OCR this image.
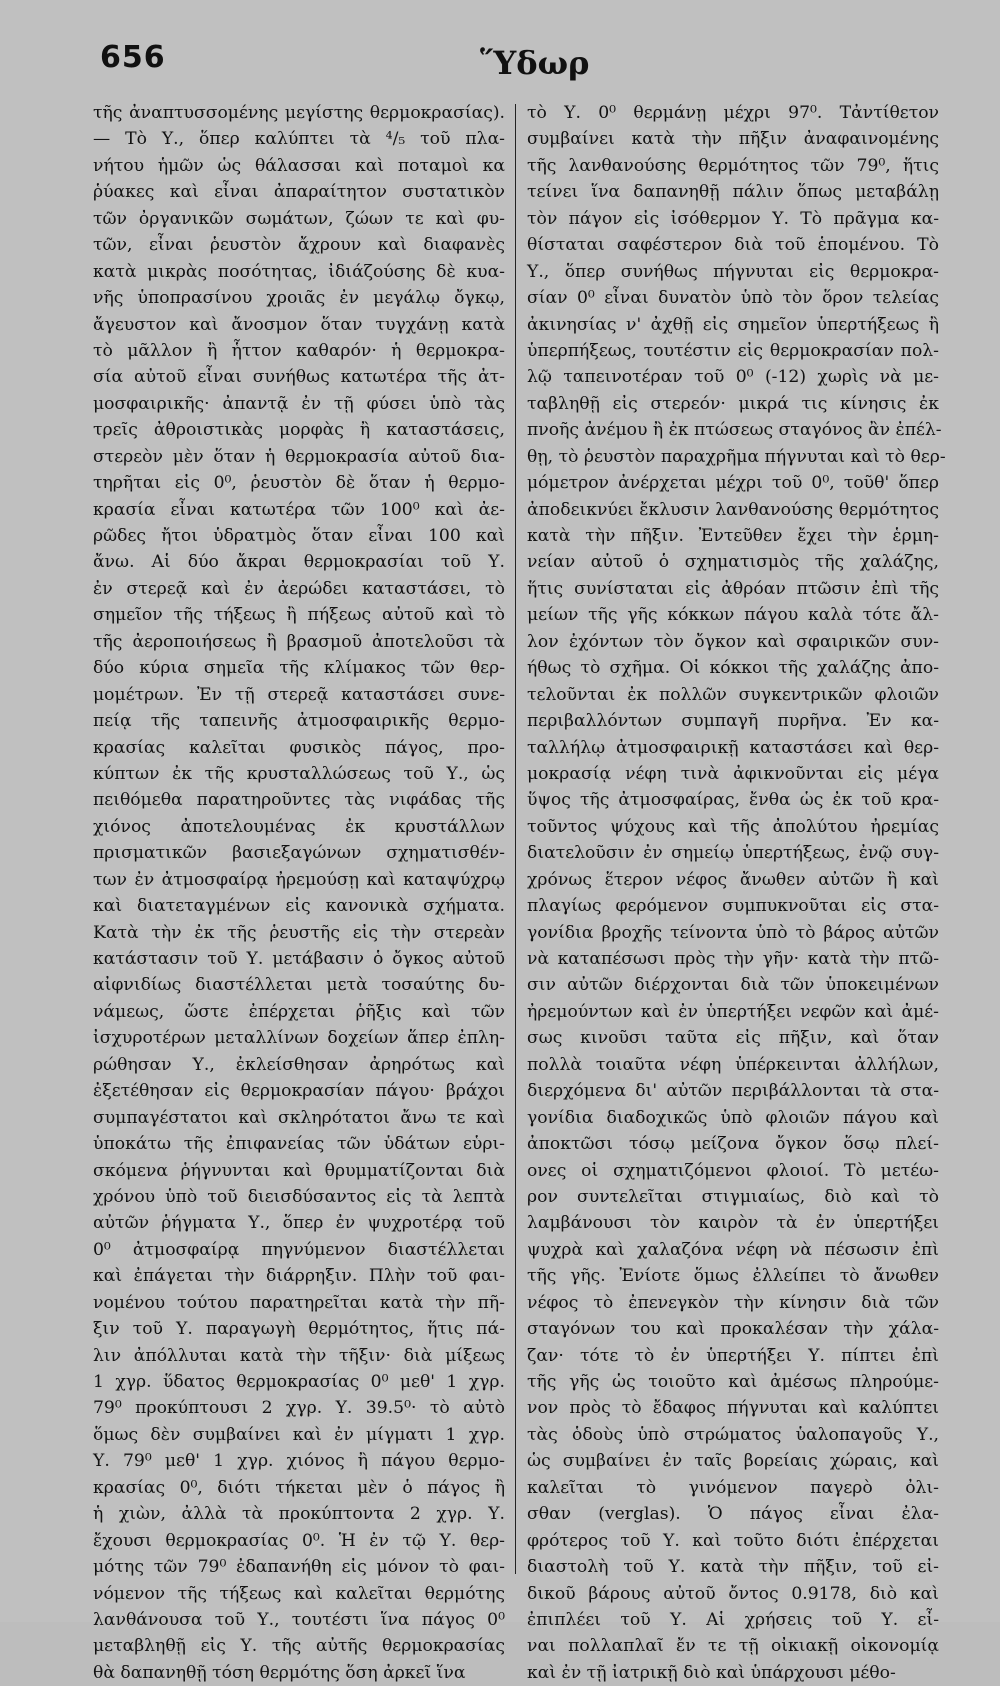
656	Ὕδωρ
τῆς ἀναπτυσσομένης μεγίστης θερμοκρασίας).
— Τὸ Υ., ὅπερ καλύπτει τὰ ⁴/₅ τοῦ πλα-
νήτου ἡμῶν ὡς θάλασσαι καὶ ποταμοὶ κα
ῥύακες καὶ εἶναι ἀπαραίτητον συστατικὸν
τῶν ὀργανικῶν σωμάτων, ζώων τε καὶ φυ-
τῶν, εἶναι ῥευστὸν ἄχρουν καὶ διαφανὲς
κατὰ μικρὰς ποσότητας, ἰδιάζούσης δὲ κυα-
νῆς ὑποπρασίνου χροιᾶς ἐν μεγάλῳ ὄγκῳ,
ἄγευστον καὶ ἄνοσμον ὅταν τυγχάνῃ κατὰ
τὸ μᾶλλον ἢ ἧττον καθαρόν· ἡ θερμοκρα-
σία αὐτοῦ εἶναι συνήθως κατωτέρα τῆς ἀτ-
μοσφαιρικῆς· ἀπαντᾷ ἐν τῇ φύσει ὑπὸ τὰς
τρεῖς ἀθροιστικὰς μορφὰς ἢ καταστάσεις,
στερεὸν μὲν ὅταν ἡ θερμοκρασία αὐτοῦ δια-
τηρῆται εἰς 0⁰, ῥευστὸν δὲ ὅταν ἡ θερμο-
κρασία εἶναι κατωτέρα τῶν 100⁰ καὶ ἀε-
ρῶδες ἤτοι ὑδρατμὸς ὅταν εἶναι 100 καὶ
ἄνω. Αἱ δύο ἄκραι θερμοκρασίαι τοῦ Υ.
ἐν στερεᾷ καὶ ἐν ἀερώδει καταστάσει, τὸ
σημεῖον τῆς τήξεως ἢ πήξεως αὐτοῦ καὶ τὸ
τῆς ἀεροποιήσεως ἢ βρασμοῦ ἀποτελοῦσι τὰ
δύο κύρια σημεῖα τῆς κλίμακος τῶν θερ-
μομέτρων. Ἐν τῇ στερεᾷ καταστάσει συνε-
πείᾳ τῆς ταπεινῆς ἀτμοσφαιρικῆς θερμο-
κρασίας καλεῖται φυσικὸς πάγος, προ-
κύπτων ἐκ τῆς κρυσταλλώσεως τοῦ Υ., ὡς
πειθόμεθα παρατηροῦντες τὰς νιφάδας τῆς
χιόνος ἀποτελουμένας ἐκ κρυστάλλων
πρισματικῶν βασιεξαγώνων σχηματισθέν-
των ἐν ἀτμοσφαίρᾳ ἠρεμούσῃ καὶ καταψύχρῳ
καὶ διατεταγμένων εἰς κανονικὰ σχήματα.
Κατὰ τὴν ἐκ τῆς ῥευστῆς εἰς τὴν στερεὰν
κατάστασιν τοῦ Υ. μετάβασιν ὁ ὄγκος αὐτοῦ
αἰφνιδίως διαστέλλεται μετὰ τοσαύτης δυ-
νάμεως, ὥστε ἐπέρχεται ῥῆξις καὶ τῶν
ἰσχυροτέρων μεταλλίνων δοχείων ἅπερ ἐπλη-
ρώθησαν Υ., ἐκλείσθησαν ἀρηρότως καὶ
ἐξετέθησαν εἰς θερμοκρασίαν πάγου· βράχοι
συμπαγέστατοι καὶ σκληρότατοι ἄνω τε καὶ
ὑποκάτω τῆς ἐπιφανείας τῶν ὑδάτων εὑρι-
σκόμενα ῥήγνυνται καὶ θρυμματίζονται διὰ
χρόνου ὑπὸ τοῦ διεισδύσαντος εἰς τὰ λεπτὰ
αὐτῶν ῥήγματα Υ., ὅπερ ἐν ψυχροτέρᾳ τοῦ
0⁰ ἀτμοσφαίρᾳ πηγνύμενον διαστέλλεται
καὶ ἐπάγεται τὴν διάρρηξιν. Πλὴν τοῦ φαι-
νομένου τούτου παρατηρεῖται κατὰ τὴν πῆ-
ξιν τοῦ Υ. παραγωγὴ θερμότητος, ἥτις πά-
λιν ἀπόλλυται κατὰ τὴν τῆξιν· διὰ μίξεως
1 χγρ. ὕδατος θερμοκρασίας 0⁰ μεθ' 1 χγρ.
79⁰ προκύπτουσι 2 χγρ. Υ. 39.5⁰· τὸ αὐτὸ
ὅμως δὲν συμβαίνει καὶ ἐν μίγματι 1 χγρ.
Υ. 79⁰ μεθ' 1 χγρ. χιόνος ἢ πάγου θερμο-
κρασίας 0⁰, διότι τήκεται μὲν ὁ πάγος ἢ
ἡ χιὼν, ἀλλὰ τὰ προκύπτοντα 2 χγρ. Υ.
ἔχουσι θερμοκρασίας 0⁰. Ἡ ἐν τῷ Υ. θερ-
μότης τῶν 79⁰ ἐδαπανήθη εἰς μόνον τὸ φαι-
νόμενον τῆς τήξεως καὶ καλεῖται θερμότης
λανθάνουσα τοῦ Υ., τουτέστι ἵνα πάγος 0⁰
μεταβληθῇ εἰς Υ. τῆς αὐτῆς θερμοκρασίας
θὰ δαπανηθῇ τόση θερμότης ὅση ἀρκεῖ ἵνα
τὸ Υ. 0⁰ θερμάνῃ μέχρι 97⁰. Τἀντίθετον
συμβαίνει κατὰ τὴν πῆξιν ἀναφαινομένης
τῆς λανθανούσης θερμότητος τῶν 79⁰, ἥτις
τείνει ἵνα δαπανηθῇ πάλιν ὅπως μεταβάλῃ
τὸν πάγον εἰς ἰσόθερμον Υ. Τὸ πρᾶγμα κα-
θίσταται σαφέστερον διὰ τοῦ ἑπομένου. Τὸ
Υ., ὅπερ συνήθως πήγνυται εἰς θερμοκρα-
σίαν 0⁰ εἶναι δυνατὸν ὑπὸ τὸν ὅρον τελείας
ἀκινησίας ν' ἀχθῇ εἰς σημεῖον ὑπερτήξεως ἢ
ὑπερπήξεως, τουτέστιν εἰς θερμοκρασίαν πολ-
λῷ ταπεινοτέραν τοῦ 0⁰ (-12) χωρὶς νὰ με-
ταβληθῇ εἰς στερεόν· μικρά τις κίνησις ἐκ
πνοῆς ἀνέμου ἢ ἐκ πτώσεως σταγόνος ἂν ἐπέλ-
θῃ, τὸ ῥευστὸν παραχρῆμα πήγνυται καὶ τὸ θερ-
μόμετρον ἀνέρχεται μέχρι τοῦ 0⁰, τοῦθ' ὅπερ
ἀποδεικνύει ἔκλυσιν λανθανούσης θερμότητος
κατὰ τὴν πῆξιν. Ἐντεῦθεν ἔχει τὴν ἑρμη-
νείαν αὐτοῦ ὁ σχηματισμὸς τῆς χαλάζης,
ἥτις συνίσταται εἰς ἀθρόαν πτῶσιν ἐπὶ τῆς
μείων τῆς γῆς κόκκων πάγου καλὰ τότε ἄλ-
λον ἐχόντων τὸν ὄγκον καὶ σφαιρικῶν συν-
ήθως τὸ σχῆμα. Οἱ κόκκοι τῆς χαλάζης ἀπο-
τελοῦνται ἐκ πολλῶν συγκεντρικῶν φλοιῶν
περιβαλλόντων συμπαγῆ πυρῆνα. Ἐν κα-
ταλλήλῳ ἀτμοσφαιρικῇ καταστάσει καὶ θερ-
μοκρασίᾳ νέφη τινὰ ἀφικνοῦνται εἰς μέγα
ὕψος τῆς ἀτμοσφαίρας, ἔνθα ὡς ἐκ τοῦ κρα-
τοῦντος ψύχους καὶ τῆς ἀπολύτου ἠρεμίας
διατελοῦσιν ἐν σημείῳ ὑπερτήξεως, ἐνῷ συγ-
χρόνως ἕτερον νέφος ἄνωθεν αὐτῶν ἢ καὶ
πλαγίως φερόμενον συμπυκνοῦται εἰς στα-
γονίδια βροχῆς τείνοντα ὑπὸ τὸ βάρος αὐτῶν
νὰ καταπέσωσι πρὸς τὴν γῆν· κατὰ τὴν πτῶ-
σιν αὐτῶν διέρχονται διὰ τῶν ὑποκειμένων
ἠρεμούντων καὶ ἐν ὑπερτήξει νεφῶν καὶ ἀμέ-
σως κινοῦσι ταῦτα εἰς πῆξιν, καὶ ὅταν
πολλὰ τοιαῦτα νέφη ὑπέρκεινται ἀλλήλων,
διερχόμενα δι' αὐτῶν περιβάλλονται τὰ στα-
γονίδια διαδοχικῶς ὑπὸ φλοιῶν πάγου καὶ
ἀποκτῶσι τόσῳ μείζονα ὄγκον ὅσῳ πλεί-
ονες οἱ σχηματιζόμενοι φλοιοί. Τὸ μετέω-
ρον συντελεῖται στιγμιαίως, διὸ καὶ τὸ
λαμβάνουσι τὸν καιρὸν τὰ ἐν ὑπερτήξει
ψυχρὰ καὶ χαλαζόνα νέφη νὰ πέσωσιν ἐπὶ
τῆς γῆς. Ἐνίοτε ὅμως ἐλλείπει τὸ ἄνωθεν
νέφος τὸ ἐπενεγκὸν τὴν κίνησιν διὰ τῶν
σταγόνων του καὶ προκαλέσαν τὴν χάλα-
ζαν· τότε τὸ ἐν ὑπερτήξει Υ. πίπτει ἐπὶ
τῆς γῆς ὡς τοιοῦτο καὶ ἀμέσως πληρούμε-
νον πρὸς τὸ ἔδαφος πήγνυται καὶ καλύπτει
τὰς ὁδοὺς ὑπὸ στρώματος ὑαλοπαγοῦς Υ.,
ὡς συμβαίνει ἐν ταῖς βορείαις χώραις, καὶ
καλεῖται τὸ γινόμενον παγερὸ ὀλι-
σθαν (verglas). Ὁ πάγος εἶναι ἐλα-
φρότερος τοῦ Υ. καὶ τοῦτο διότι ἐπέρχεται
διαστολὴ τοῦ Υ. κατὰ τὴν πῆξιν, τοῦ εἰ-
δικοῦ βάρους αὐτοῦ ὄντος 0.9178, διὸ καὶ
ἐπιπλέει τοῦ Υ. Αἱ χρήσεις τοῦ Υ. εἶ-
ναι πολλαπλαῖ ἔν τε τῇ οἰκιακῇ οἰκονομίᾳ
καὶ ἐν τῇ ἰατρικῇ διὸ καὶ ὑπάρχουσι μέθο-
